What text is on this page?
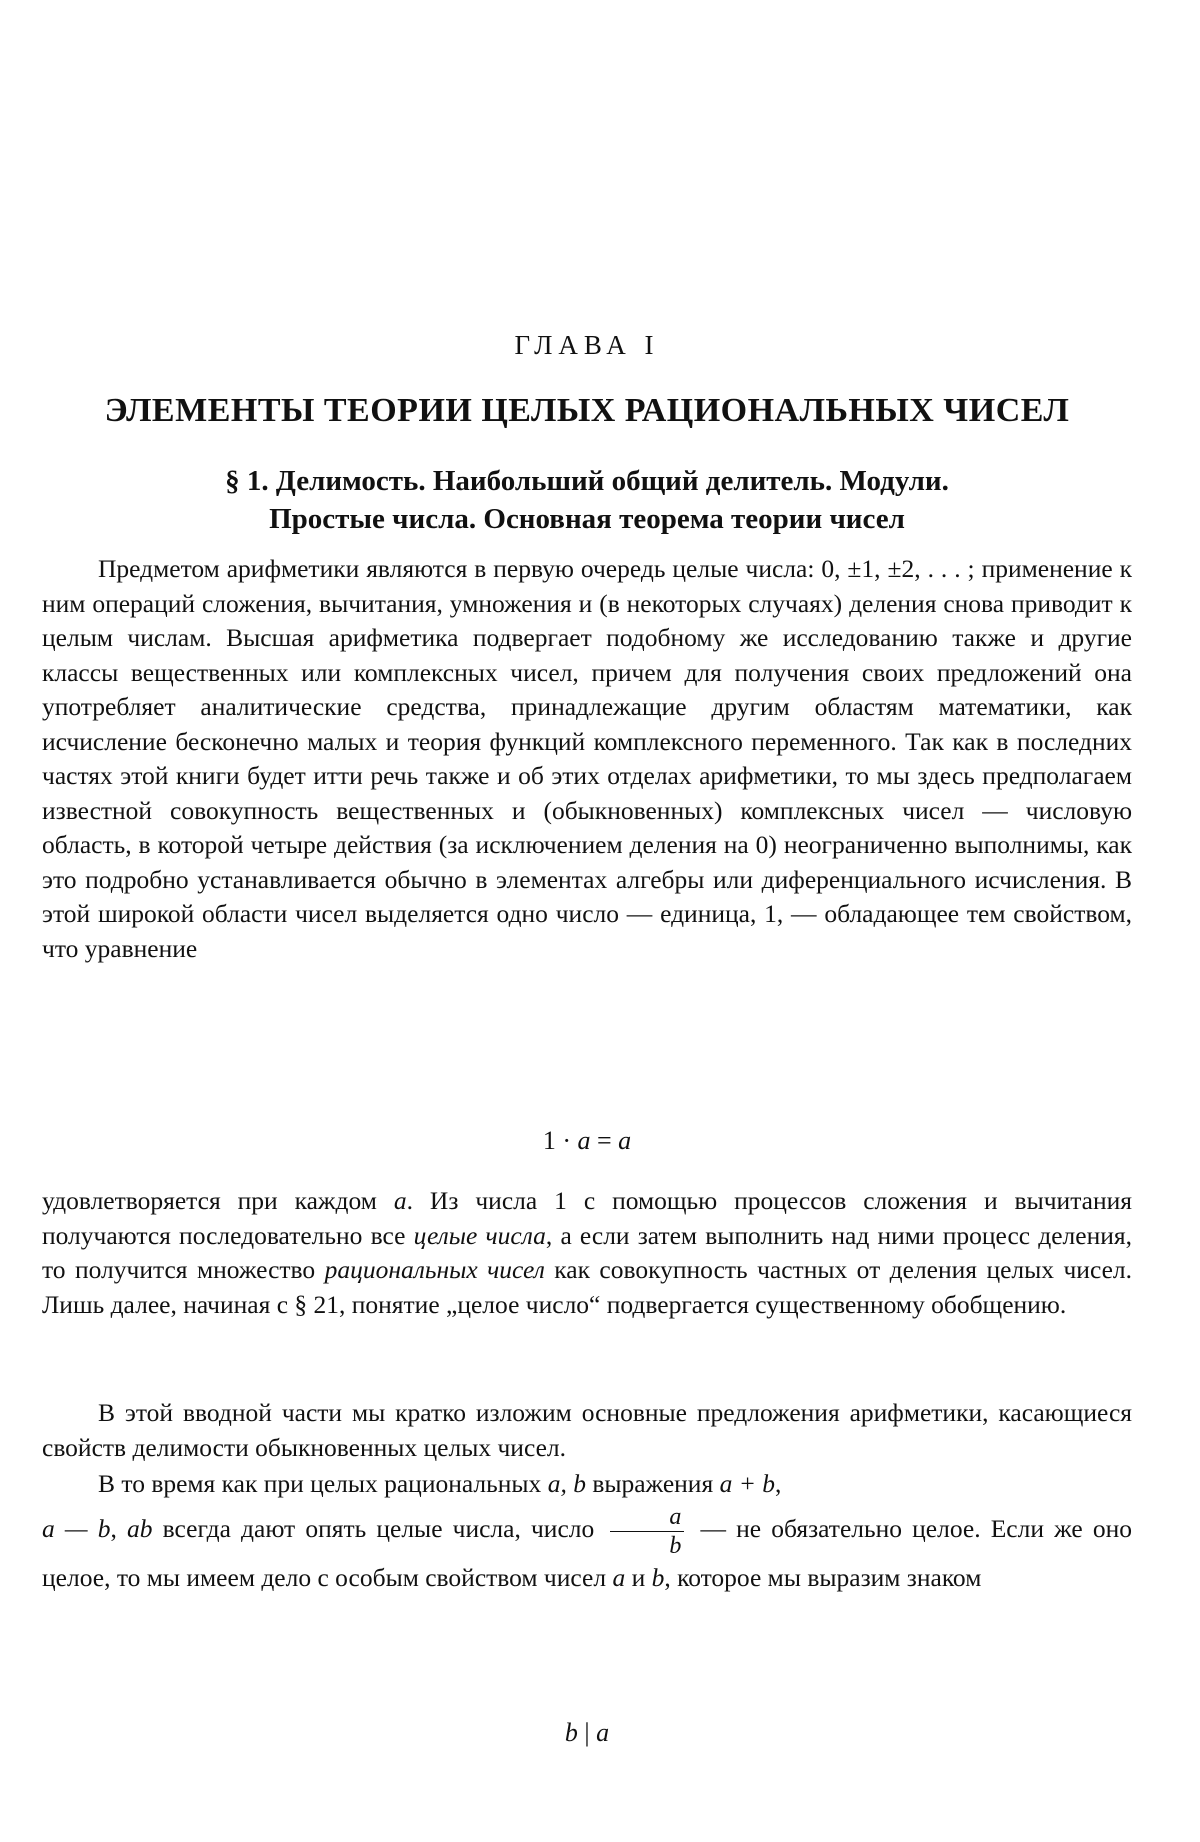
ГЛАВА I
ЭЛЕМЕНТЫ ТЕОРИИ ЦЕЛЫХ РАЦИОНАЛЬНЫХ ЧИСЕЛ
§ 1. Делимость. Наибольший общий делитель. Модули.
Простые числа. Основная теорема теории чисел

Предметом арифметики являются в первую очередь целые числа: 0, ±1, ±2, . . . ; применение к ним операций сложения, вычитания, умножения и (в некоторых случаях) деления снова приводит к целым числам. Высшая арифметика подвергает подобному же исследованию также и другие классы вещественных или комплексных чисел, причем для получения своих предложений она употребляет аналитические средства, принадлежащие другим областям математики, как исчисление бесконечно малых и теория функций комплексного переменного. Так как в последних частях этой книги будет итти речь также и об этих отделах арифметики, то мы здесь предполагаем известной совокупность вещественных и (обыкновенных) комплексных чисел — числовую область, в которой четыре действия (за исключением деления на 0) неограниченно выполнимы, как это подробно устанавливается обычно в элементах алгебры или диференциального исчисления. В этой широкой области чисел выделяется одно число — единица, 1, — обладающее тем свойством, что уравнение

1 · a = a

удовлетворяется при каждом a. Из числа 1 с помощью процессов сложения и вычитания получаются последовательно все целые числа, а если затем выполнить над ними процесс деления, то получится множество рациональных чисел как совокупность частных от деления целых чисел. Лишь далее, начиная с § 21, понятие „целое число“ подвергается существенному обобщению.

В этой вводной части мы кратко изложим основные предложения арифметики, касающиеся свойств делимости обыкновенных целых чисел.

В то время как при целых рациональных a, b выражения a + b,
a — b, ab всегда дают опять целые числа, число $\frac{a}{b}$ — не обязательно целое. Если же оно целое, то мы имеем дело с особым свойством чисел a и b, которое мы выразим знаком

b | a
